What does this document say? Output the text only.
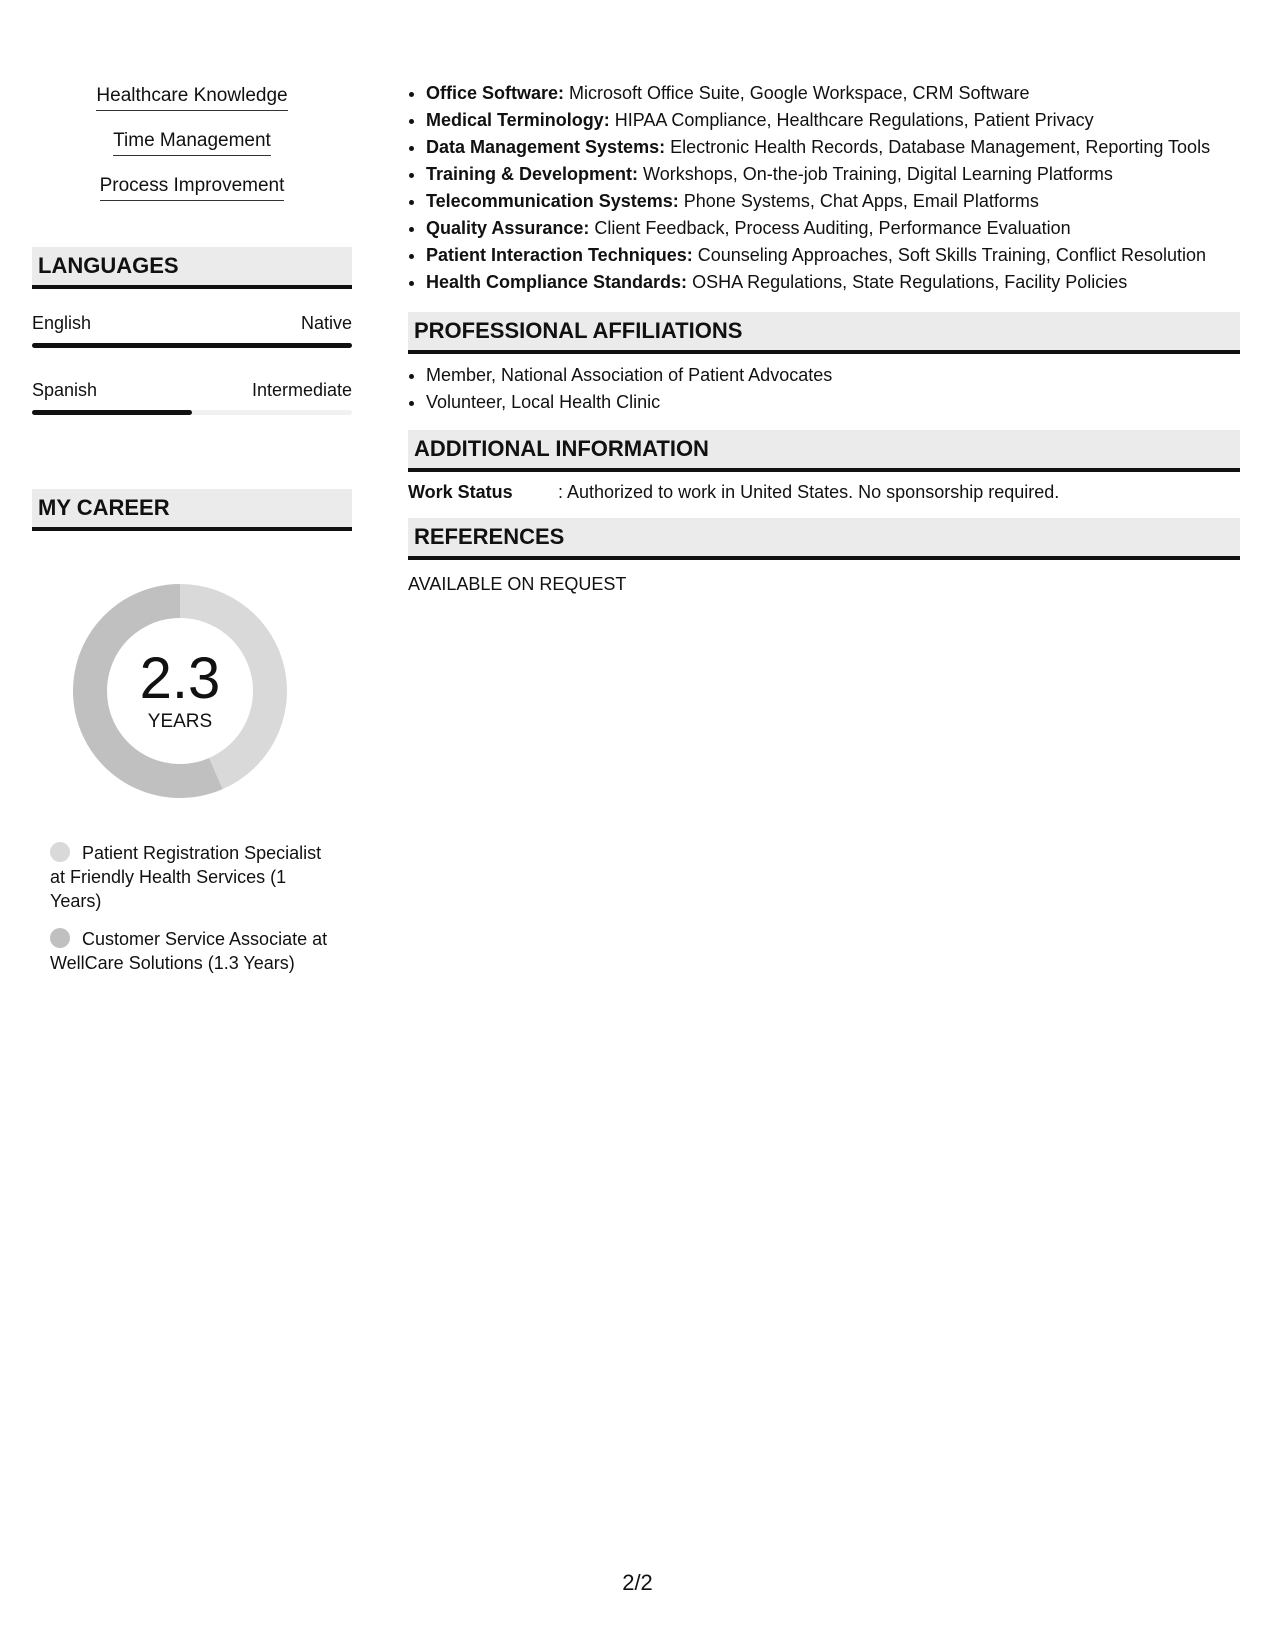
Healthcare Knowledge
Time Management
Process Improvement
LANGUAGES
English	Native
Spanish	Intermediate
MY CAREER
2.3
YEARS
Patient Registration Specialist at Friendly Health Services (1 Years)
Customer Service Associate at WellCare Solutions (1.3 Years)
• Office Software: Microsoft Office Suite, Google Workspace, CRM Software
• Medical Terminology: HIPAA Compliance, Healthcare Regulations, Patient Privacy
• Data Management Systems: Electronic Health Records, Database Management, Reporting Tools
• Training & Development: Workshops, On-the-job Training, Digital Learning Platforms
• Telecommunication Systems: Phone Systems, Chat Apps, Email Platforms
• Quality Assurance: Client Feedback, Process Auditing, Performance Evaluation
• Patient Interaction Techniques: Counseling Approaches, Soft Skills Training, Conflict Resolution
• Health Compliance Standards: OSHA Regulations, State Regulations, Facility Policies
PROFESSIONAL AFFILIATIONS
• Member, National Association of Patient Advocates
• Volunteer, Local Health Clinic
ADDITIONAL INFORMATION
Work Status	: Authorized to work in United States. No sponsorship required.
REFERENCES
AVAILABLE ON REQUEST
2/2
